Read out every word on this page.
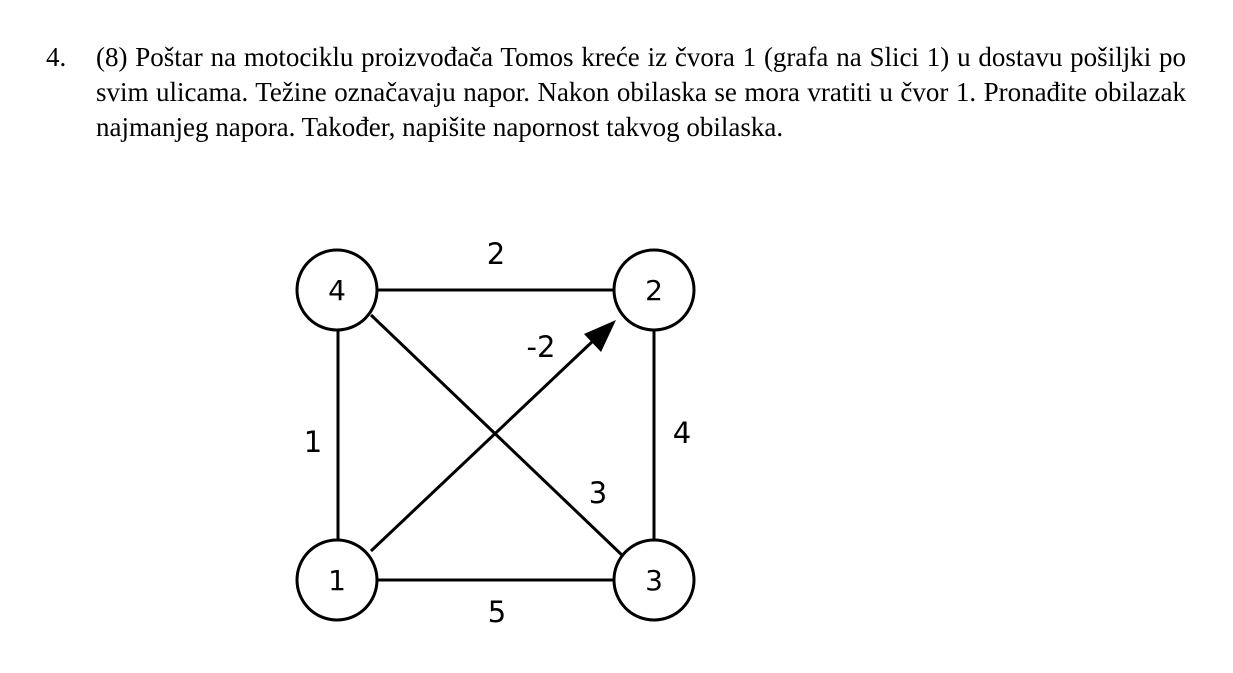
4. (8) Poštar na motociklu proizvođača Tomos kreće iz čvora 1 (grafa na Slici 1) u dostavu pošiljki po svim ulicama. Težine označavaju napor. Nakon obilaska se mora vratiti u čvor 1. Pronađite obilazak najmanjeg napora. Također, napišite napornost takvog obilaska.
4	2
1	3
2
1	4
5
3
-2
